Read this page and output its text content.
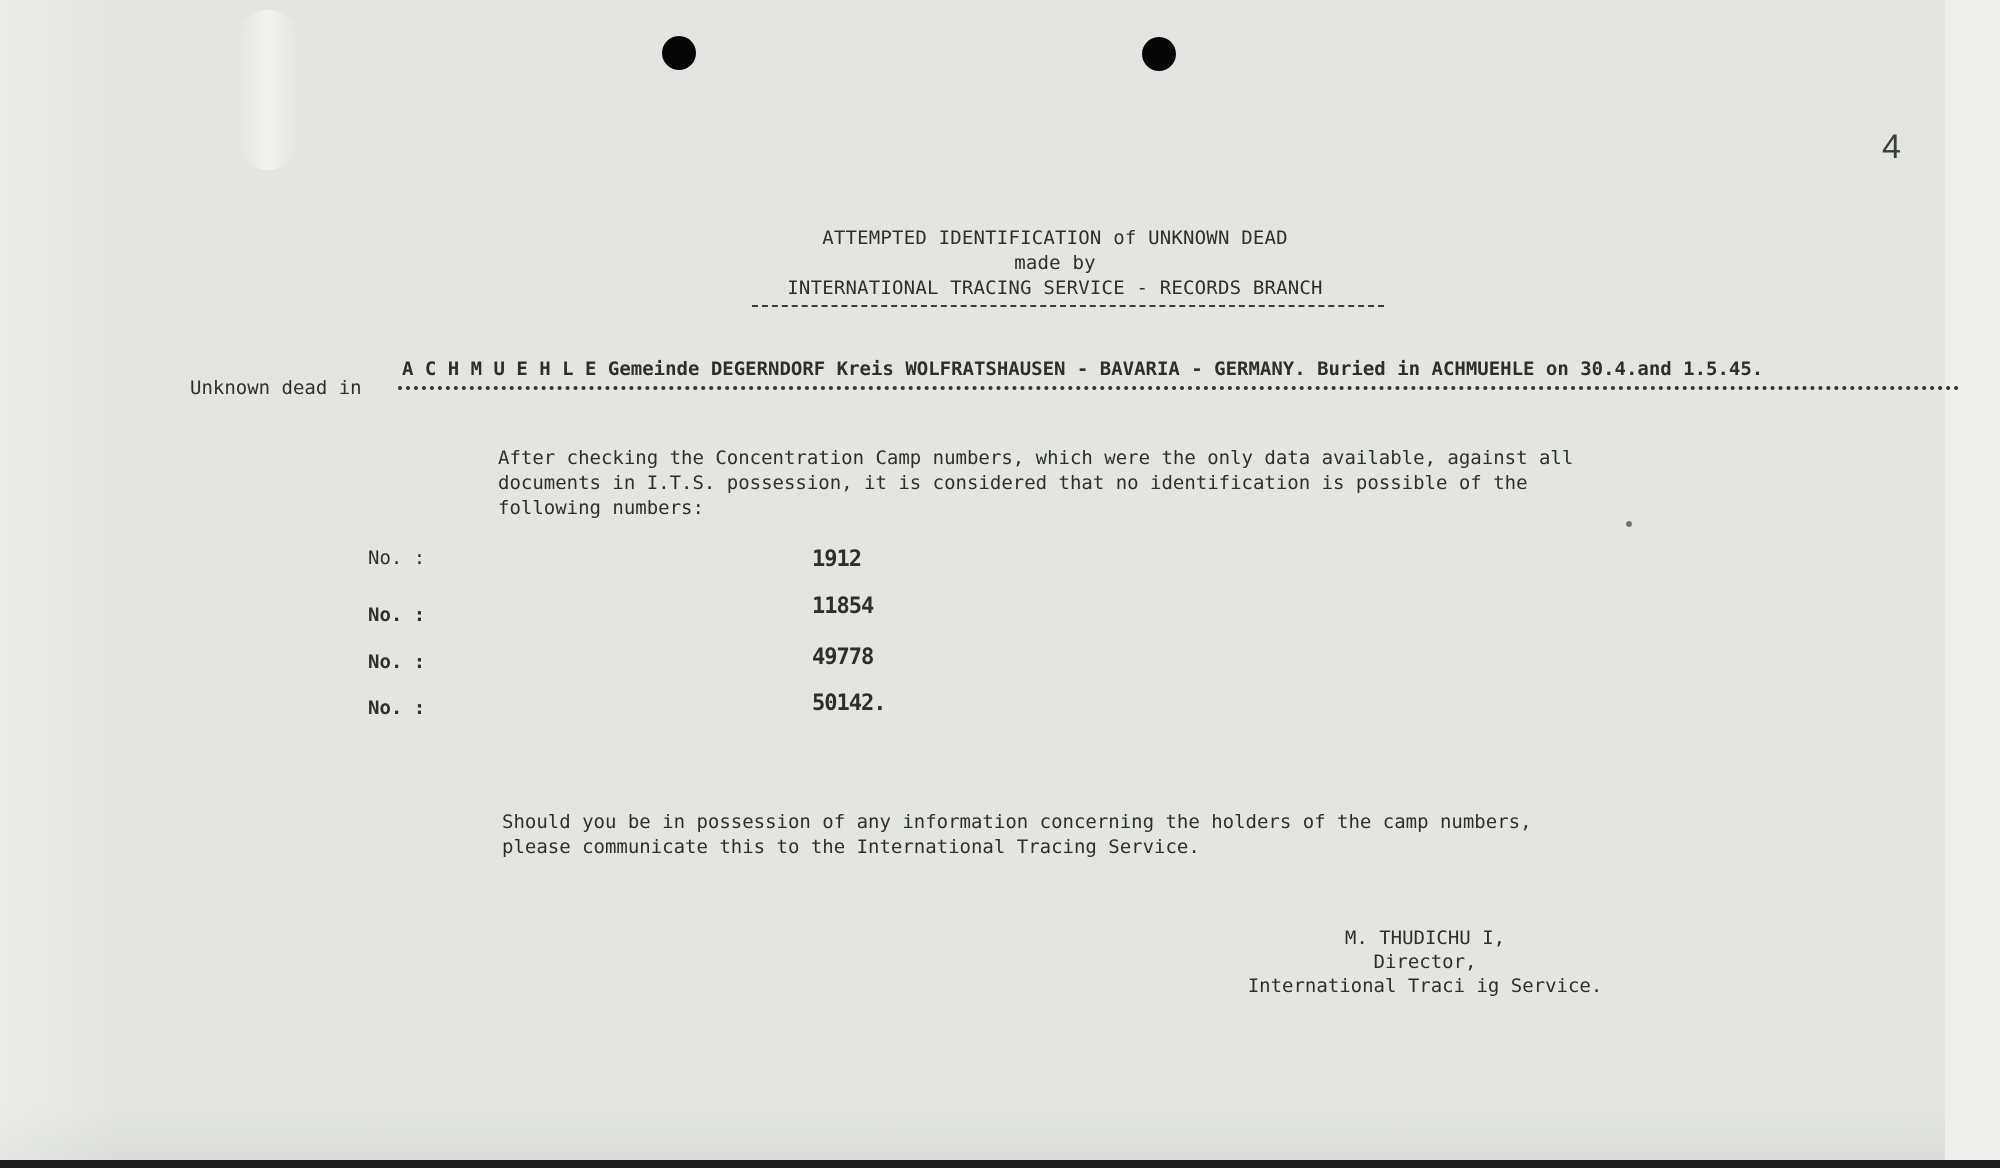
4
ATTEMPTED IDENTIFICATION of UNKNOWN DEAD
made by
INTERNATIONAL TRACING SERVICE - RECORDS BRANCH
Unknown dead in
A C H M U E H L E Gemeinde DEGERNDORF Kreis WOLFRATSHAUSEN - BAVARIA - GERMANY. Buried in ACHMUEHLE on 30.4.and 1.5.45.
After checking the Concentration Camp numbers, which were the only data available, against all
documents in I.T.S. possession, it is considered that no identification is possible of the
following numbers:
No. :	1912
No. :	11854
No. :	49778
No. :	50142.
Should you be in possession of any information concerning the holders of the camp numbers,
please communicate this to the International Tracing Service.
M. THUDICHU I,
Director,
International Traci ig Service.
